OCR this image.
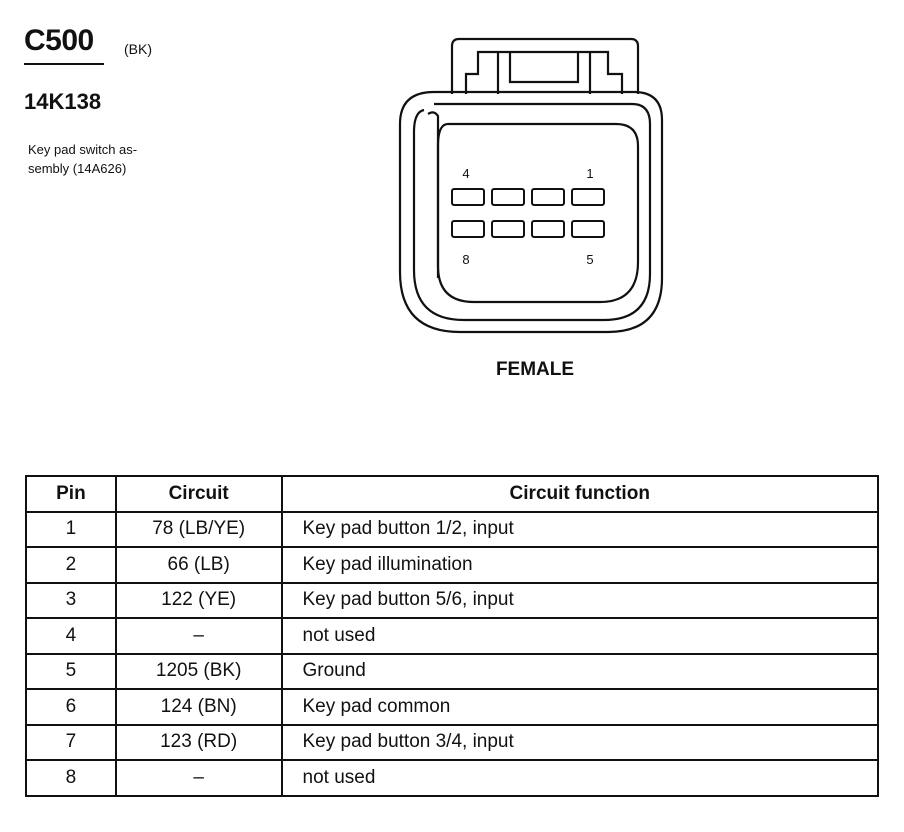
C500 (BK)
14K138
Key pad switch as-
sembly (14A626)	4	1
8	5
FEMALE
Pin	Circuit	Circuit function
1	78 (LB/YE)	Key pad button 1/2, input
2	66 (LB)	Key pad illumination
3	122 (YE)	Key pad button 5/6, input
4	–	not used
5	1205 (BK)	Ground
6	124 (BN)	Key pad common
7	123 (RD)	Key pad button 3/4, input
8	–	not used
